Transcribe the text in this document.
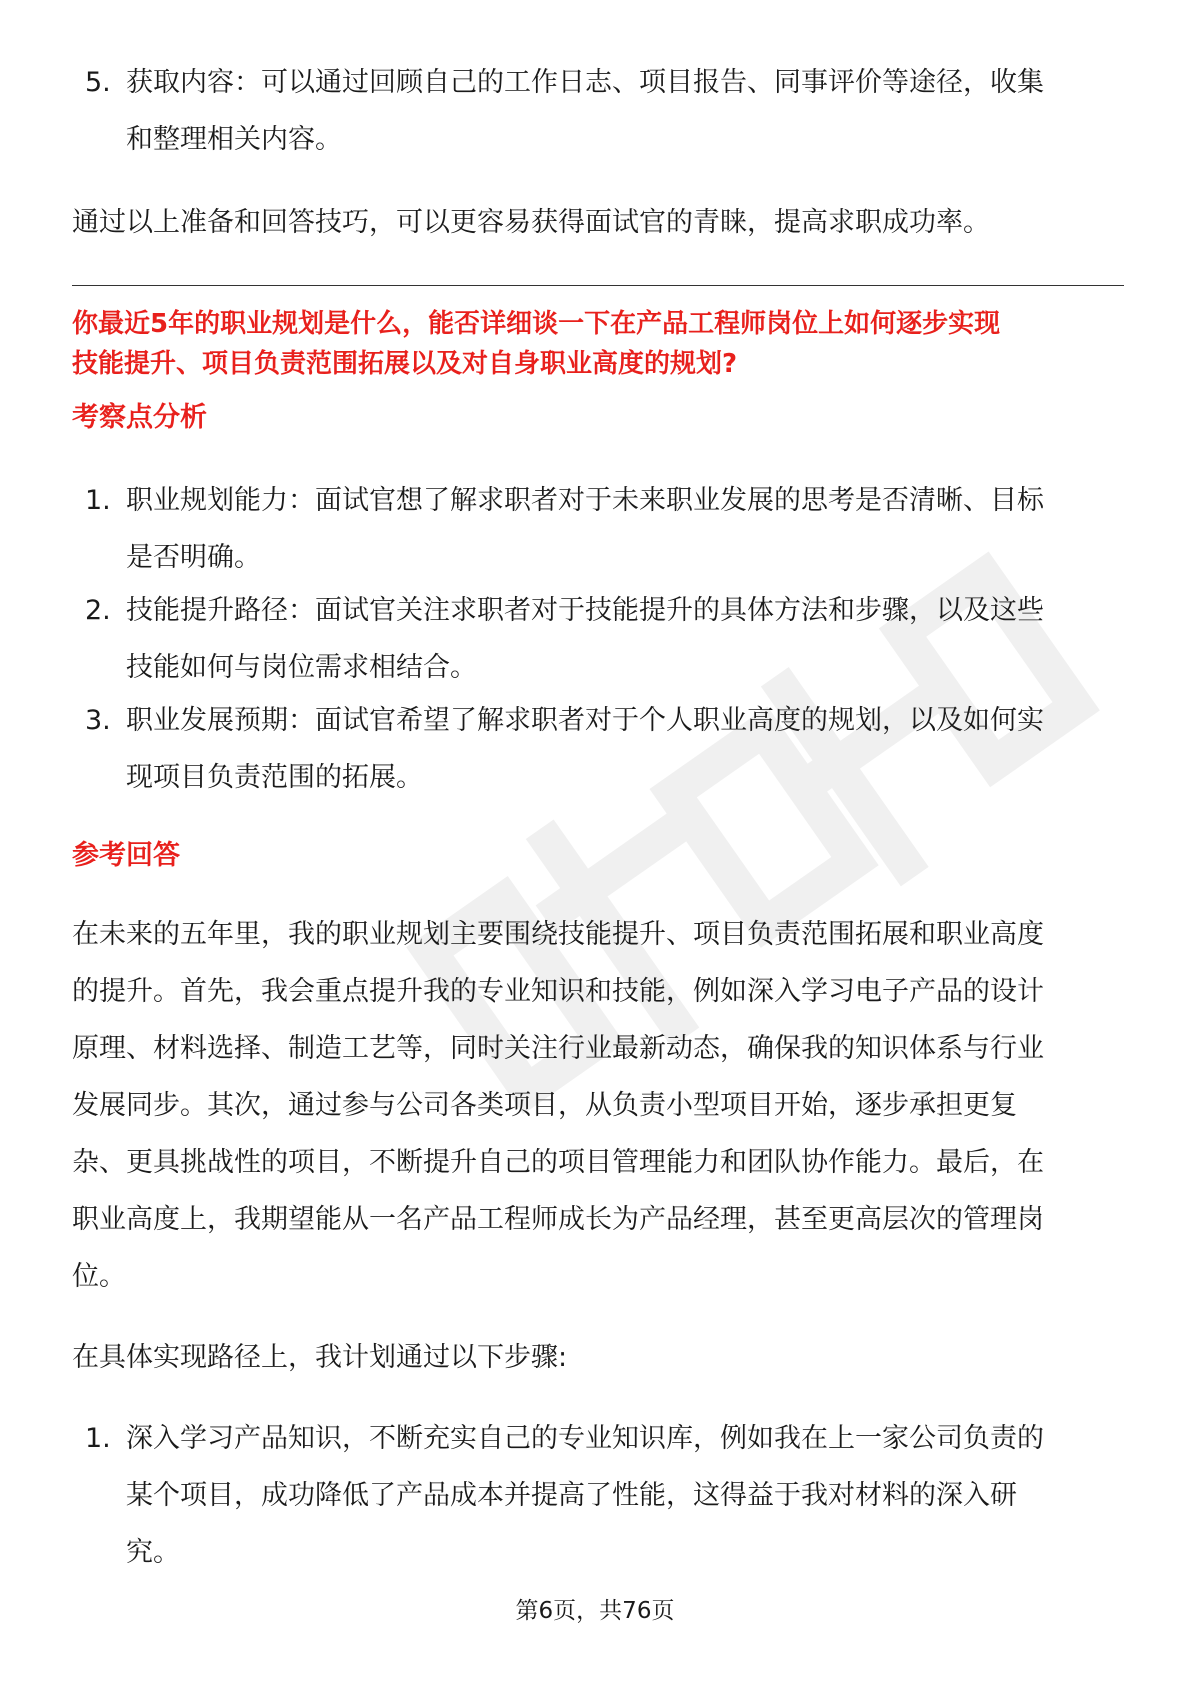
5. 获取内容：可以通过回顾自己的工作日志、项目报告、同事评价等途径，收集
和整理相关内容。

通过以上准备和回答技巧，可以更容易获得面试官的青睐，提高求职成功率。

你最近5年的职业规划是什么，能否详细谈一下在产品工程师岗位上如何逐步实现

技能提升、项目负责范围拓展以及对自身职业高度的规划?

考察点分析

1. 职业规划能力：面试官想了解求职者对于未来职业发展的思考是否清晰、目标
是否明确。
2. 技能提升路径：面试官关注求职者对于技能提升的具体方法和步骤，以及这些
技能如何与岗位需求相结合。
3. 职业发展预期：面试官希望了解求职者对于个人职业高度的规划，以及如何实
现项目负责范围的拓展。

参考回答

在未来的五年里，我的职业规划主要围绕技能提升、项目负责范围拓展和职业高度

的提升。首先，我会重点提升我的专业知识和技能，例如深入学习电子产品的设计

原理、材料选择、制造工艺等，同时关注行业最新动态，确保我的知识体系与行业

发展同步。其次，通过参与公司各类项目，从负责小型项目开始，逐步承担更复

杂、更具挑战性的项目，不断提升自己的项目管理能力和团队协作能力。最后，在

职业高度上，我期望能从一名产品工程师成长为产品经理，甚至更高层次的管理岗

位。

在具体实现路径上，我计划通过以下步骤:

1. 深入学习产品知识，不断充实自己的专业知识库，例如我在上一家公司负责的
某个项目，成功降低了产品成本并提高了性能，这得益于我对材料的深入研
究。
第6页，共76页
